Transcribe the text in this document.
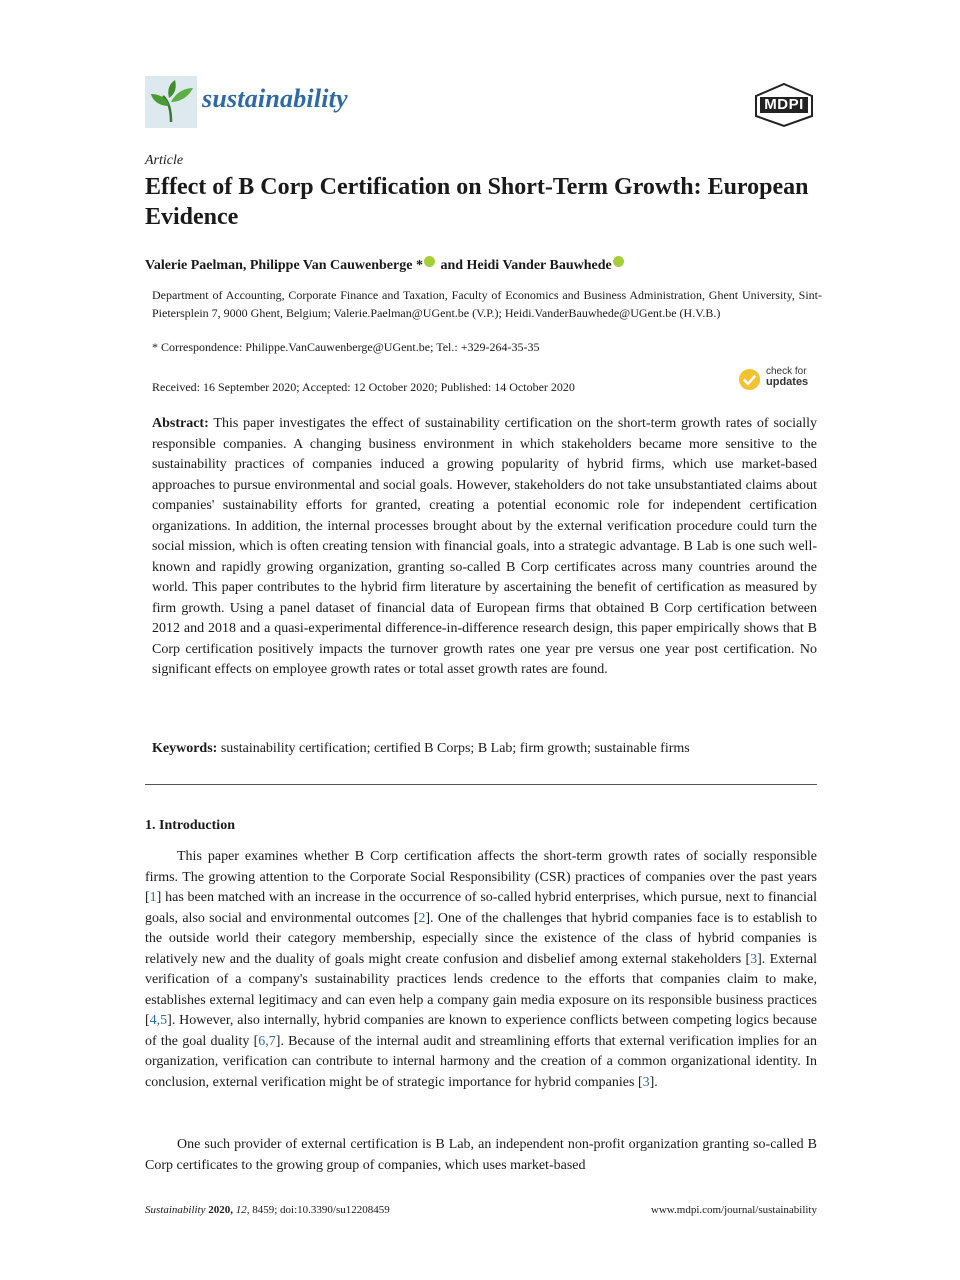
sustainability	MDPI
Article
Effect of B Corp Certification on Short-Term Growth: European Evidence
Valerie Paelman, Philippe Van Cauwenberge * and Heidi Vander Bauwhede
Department of Accounting, Corporate Finance and Taxation, Faculty of Economics and Business Administration, Ghent University, Sint-Pietersplein 7, 9000 Ghent, Belgium; Valerie.Paelman@UGent.be (V.P.); Heidi.VanderBauwhede@UGent.be (H.V.B.)
* Correspondence: Philippe.VanCauwenberge@UGent.be; Tel.: +329-264-35-35
Received: 16 September 2020; Accepted: 12 October 2020; Published: 14 October 2020
check for
updates
Abstract: This paper investigates the effect of sustainability certification on the short-term growth rates of socially responsible companies. A changing business environment in which stakeholders became more sensitive to the sustainability practices of companies induced a growing popularity of hybrid firms, which use market-based approaches to pursue environmental and social goals. However, stakeholders do not take unsubstantiated claims about companies' sustainability efforts for granted, creating a potential economic role for independent certification organizations. In addition, the internal processes brought about by the external verification procedure could turn the social mission, which is often creating tension with financial goals, into a strategic advantage. B Lab is one such well-known and rapidly growing organization, granting so-called B Corp certificates across many countries around the world. This paper contributes to the hybrid firm literature by ascertaining the benefit of certification as measured by firm growth. Using a panel dataset of financial data of European firms that obtained B Corp certification between 2012 and 2018 and a quasi-experimental difference-in-difference research design, this paper empirically shows that B Corp certification positively impacts the turnover growth rates one year pre versus one year post certification. No significant effects on employee growth rates or total asset growth rates are found.
Keywords: sustainability certification; certified B Corps; B Lab; firm growth; sustainable firms
1. Introduction
This paper examines whether B Corp certification affects the short-term growth rates of socially responsible firms. The growing attention to the Corporate Social Responsibility (CSR) practices of companies over the past years [1] has been matched with an increase in the occurrence of so-called hybrid enterprises, which pursue, next to financial goals, also social and environmental outcomes [2]. One of the challenges that hybrid companies face is to establish to the outside world their category membership, especially since the existence of the class of hybrid companies is relatively new and the duality of goals might create confusion and disbelief among external stakeholders [3]. External verification of a company's sustainability practices lends credence to the efforts that companies claim to make, establishes external legitimacy and can even help a company gain media exposure on its responsible business practices [4,5]. However, also internally, hybrid companies are known to experience conflicts between competing logics because of the goal duality [6,7]. Because of the internal audit and streamlining efforts that external verification implies for an organization, verification can contribute to internal harmony and the creation of a common organizational identity. In conclusion, external verification might be of strategic importance for hybrid companies [3].
One such provider of external certification is B Lab, an independent non-profit organization granting so-called B Corp certificates to the growing group of companies, which uses market-based
Sustainability 2020, 12, 8459; doi:10.3390/su12208459	www.mdpi.com/journal/sustainability
